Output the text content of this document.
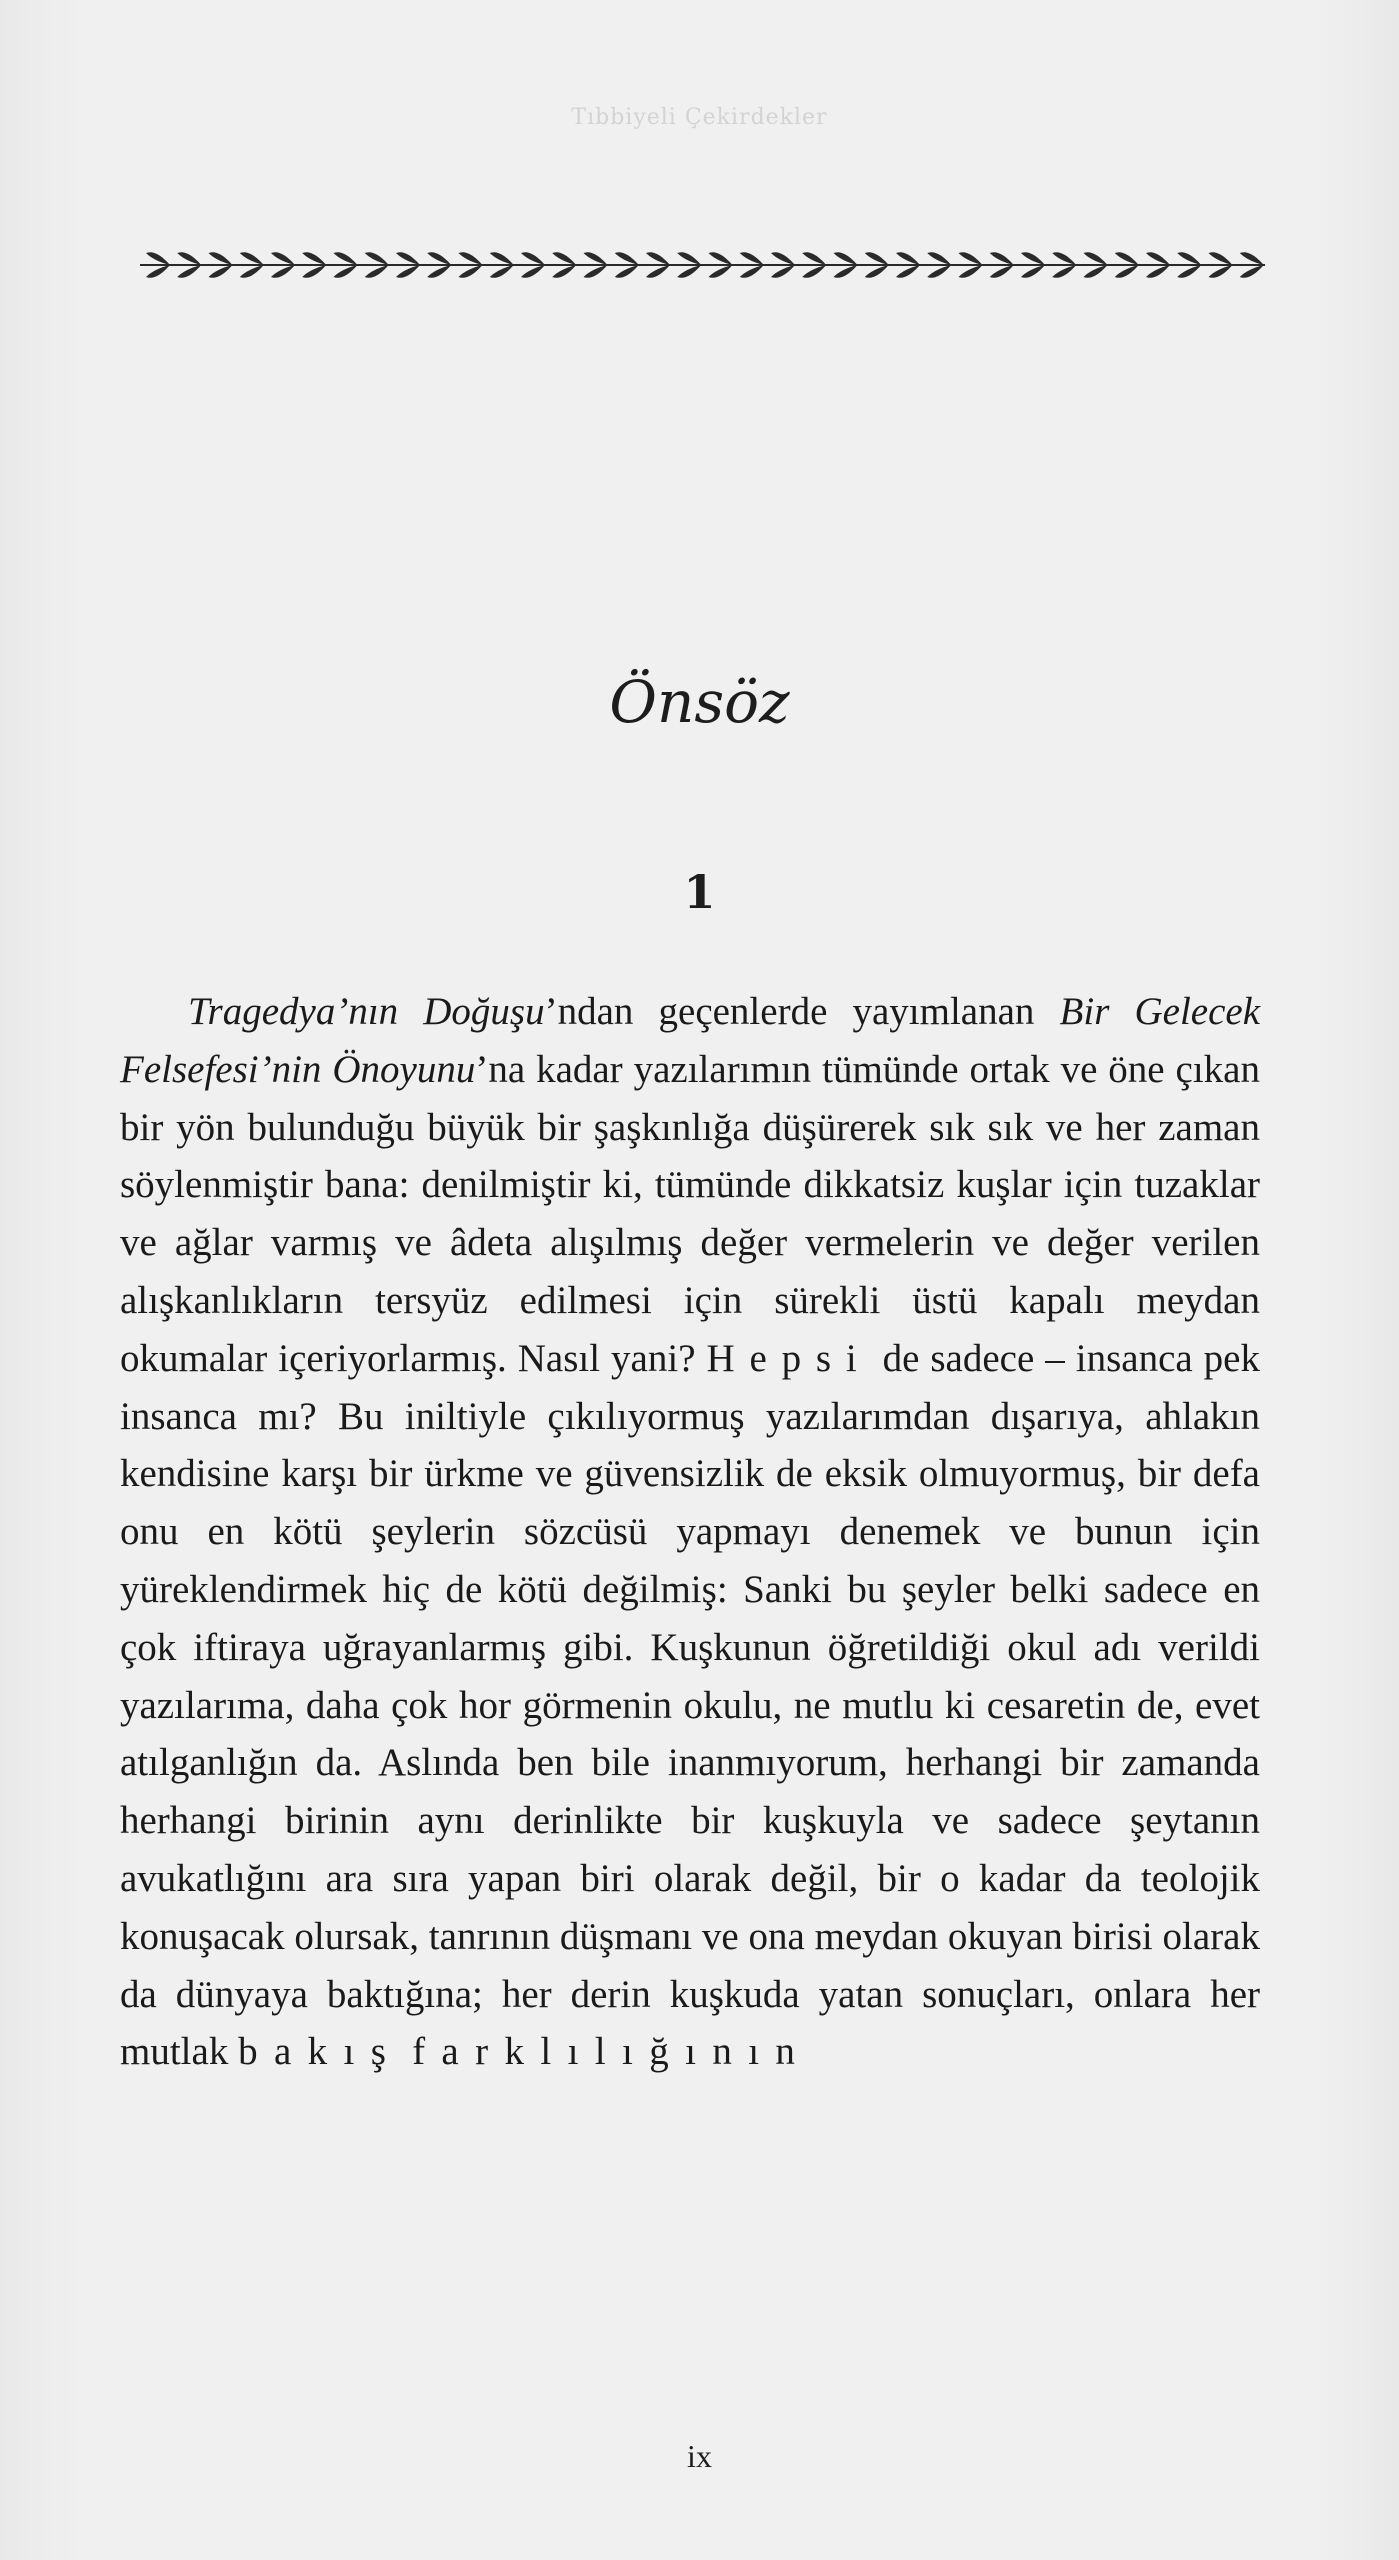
Tıbbiyeli Çekirdekler
Önsöz
1

Tragedya’nın Doğuşu’ndan geçenlerde yayımlanan Bir Gelecek Felsefesi’nin Önoyunu’na kadar yazılarımın tümünde ortak ve öne çıkan bir yön bulunduğu büyük bir şaşkınlığa düşürerek sık sık ve her zaman söylenmiştir bana: denilmiştir ki, tümünde dikkatsiz kuşlar için tuzaklar ve ağlar varmış ve âdeta alışılmış değer vermelerin ve değer verilen alışkanlıkların tersyüz edilmesi için sürekli üstü kapalı meydan okumalar içeriyorlarmış. Nasıl yani? Hepsi de sadece – insanca pek insanca mı? Bu iniltiyle çıkılıyormuş yazılarımdan dışarıya, ahlakın kendisine karşı bir ürkme ve güvensizlik de eksik olmuyormuş, bir defa onu en kötü şeylerin sözcüsü yapmayı denemek ve bunun için yüreklendirmek hiç de kötü değilmiş: Sanki bu şeyler belki sadece en çok iftiraya uğrayanlarmış gibi. Kuşkunun öğretildiği okul adı verildi yazılarıma, daha çok hor görmenin okulu, ne mutlu ki cesaretin de, evet atılganlığın da. Aslında ben bile inanmıyorum, herhangi bir zamanda herhangi birinin aynı derinlikte bir kuşkuyla ve sadece şeytanın avukatlığını ara sıra yapan biri olarak değil, bir o kadar da teolojik konuşacak olursak, tanrının düşmanı ve ona meydan okuyan birisi olarak da dünyaya baktığına; her derin kuşkuda yatan sonuçları, onlara her mutlak bakış farklılığının

ix
